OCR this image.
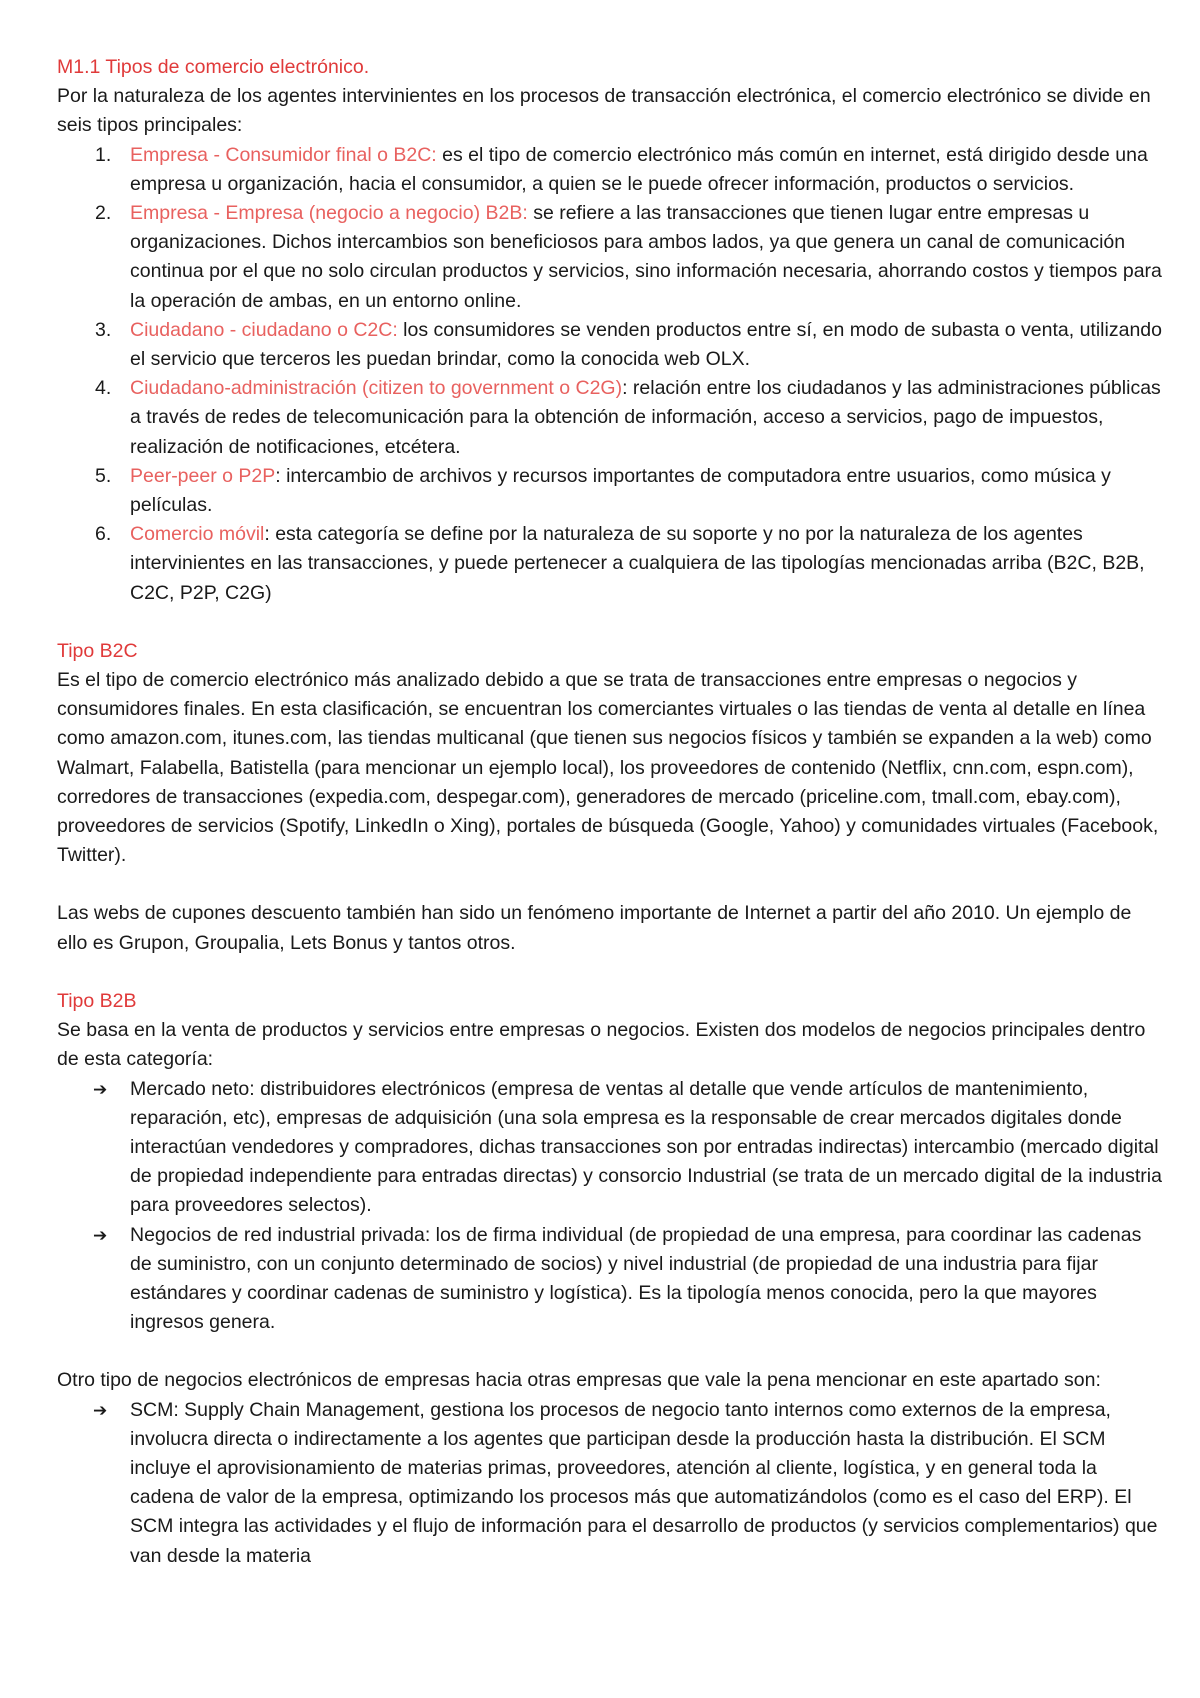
M1.1 Tipos de comercio electrónico.
Por la naturaleza de los agentes intervinientes en los procesos de transacción electrónica, el comercio electrónico se divide en seis tipos principales:
1. Empresa - Consumidor final o B2C: es el tipo de comercio electrónico más común en internet, está dirigido desde una empresa u organización, hacia el consumidor, a quien se le puede ofrecer información, productos o servicios.
2. Empresa - Empresa (negocio a negocio) B2B: se refiere a las transacciones que tienen lugar entre empresas u organizaciones. Dichos intercambios son beneficiosos para ambos lados, ya que genera un canal de comunicación continua por el que no solo circulan productos y servicios, sino información necesaria, ahorrando costos y tiempos para la operación de ambas, en un entorno online.
3. Ciudadano - ciudadano o C2C: los consumidores se venden productos entre sí, en modo de subasta o venta, utilizando el servicio que terceros les puedan brindar, como la conocida web OLX.
4. Ciudadano-administración (citizen to government o C2G): relación entre los ciudadanos y las administraciones públicas a través de redes de telecomunicación para la obtención de información, acceso a servicios, pago de impuestos, realización de notificaciones, etcétera.
5. Peer-peer o P2P: intercambio de archivos y recursos importantes de computadora entre usuarios, como música y películas.
6. Comercio móvil: esta categoría se define por la naturaleza de su soporte y no por la naturaleza de los agentes intervinientes en las transacciones, y puede pertenecer a cualquiera de las tipologías mencionadas arriba (B2C, B2B, C2C, P2P, C2G)
Tipo B2C
Es el tipo de comercio electrónico más analizado debido a que se trata de transacciones entre empresas o negocios y consumidores finales. En esta clasificación, se encuentran los comerciantes virtuales o las tiendas de venta al detalle en línea como amazon.com, itunes.com, las tiendas multicanal (que tienen sus negocios físicos y también se expanden a la web) como Walmart, Falabella, Batistella (para mencionar un ejemplo local), los proveedores de contenido (Netflix, cnn.com, espn.com), corredores de transacciones (expedia.com, despegar.com), generadores de mercado (priceline.com, tmall.com, ebay.com), proveedores de servicios (Spotify, LinkedIn o Xing), portales de búsqueda (Google, Yahoo) y comunidades virtuales (Facebook, Twitter).
Las webs de cupones descuento también han sido un fenómeno importante de Internet a partir del año 2010. Un ejemplo de ello es Grupon, Groupalia, Lets Bonus y tantos otros.
Tipo B2B
Se basa en la venta de productos y servicios entre empresas o negocios. Existen dos modelos de negocios principales dentro de esta categoría:
➔ Mercado neto: distribuidores electrónicos (empresa de ventas al detalle que vende artículos de mantenimiento, reparación, etc), empresas de adquisición (una sola empresa es la responsable de crear mercados digitales donde interactúan vendedores y compradores, dichas transacciones son por entradas indirectas) intercambio (mercado digital de propiedad independiente para entradas directas) y consorcio Industrial (se trata de un mercado digital de la industria para proveedores selectos).
➔ Negocios de red industrial privada: los de firma individual (de propiedad de una empresa, para coordinar las cadenas de suministro, con un conjunto determinado de socios) y nivel industrial (de propiedad de una industria para fijar estándares y coordinar cadenas de suministro y logística). Es la tipología menos conocida, pero la que mayores ingresos genera.
Otro tipo de negocios electrónicos de empresas hacia otras empresas que vale la pena mencionar en este apartado son:
➔ SCM: Supply Chain Management, gestiona los procesos de negocio tanto internos como externos de la empresa, involucra directa o indirectamente a los agentes que participan desde la producción hasta la distribución. El SCM incluye el aprovisionamiento de materias primas, proveedores, atención al cliente, logística, y en general toda la cadena de valor de la empresa, optimizando los procesos más que automatizándolos (como es el caso del ERP). El SCM integra las actividades y el flujo de información para el desarrollo de productos (y servicios complementarios) que van desde la materia
